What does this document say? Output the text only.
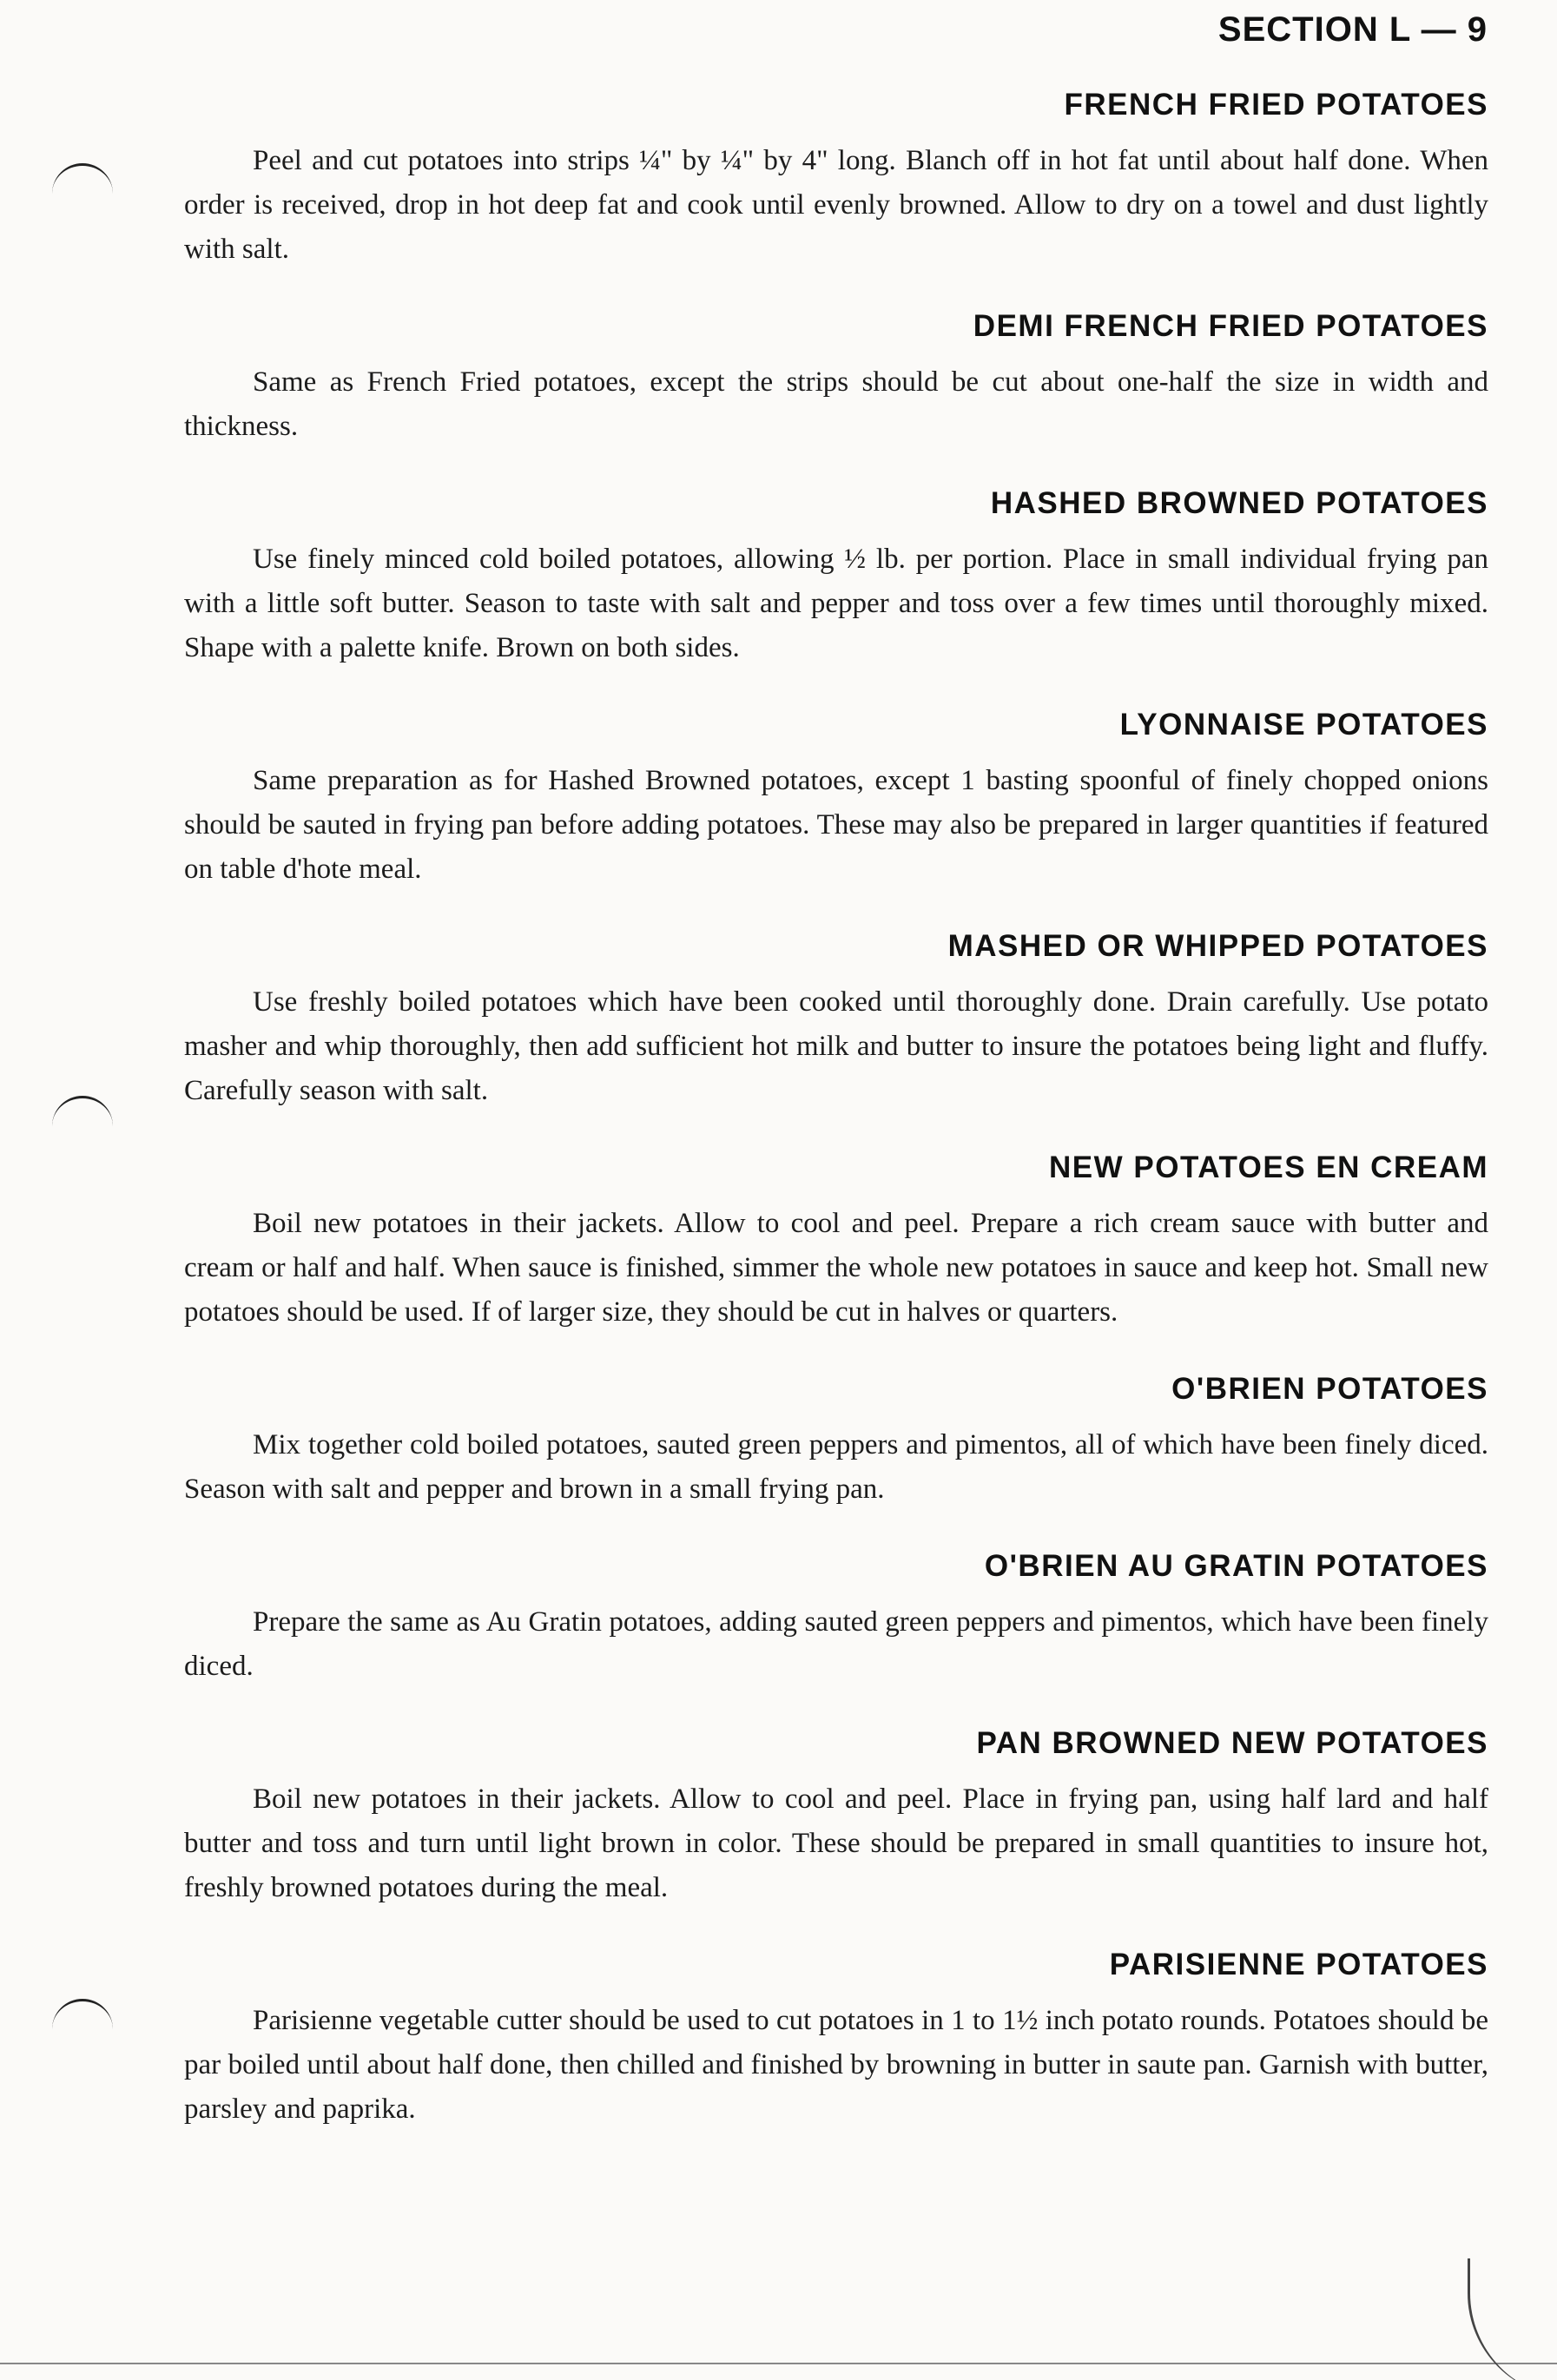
SECTION L — 9
FRENCH FRIED POTATOES

Peel and cut potatoes into strips ¼" by ¼" by 4" long. Blanch off in hot fat until about half done. When order is received, drop in hot deep fat and cook until evenly browned. Allow to dry on a towel and dust lightly with salt.

DEMI FRENCH FRIED POTATOES

Same as French Fried potatoes, except the strips should be cut about one-half the size in width and thickness.

HASHED BROWNED POTATOES

Use finely minced cold boiled potatoes, allowing ½ lb. per portion. Place in small individual frying pan with a little soft butter. Season to taste with salt and pepper and toss over a few times until thoroughly mixed. Shape with a palette knife. Brown on both sides.

LYONNAISE POTATOES

Same preparation as for Hashed Browned potatoes, except 1 basting spoonful of finely chopped onions should be sauted in frying pan before adding potatoes. These may also be prepared in larger quantities if featured on table d'hote meal.

MASHED OR WHIPPED POTATOES

Use freshly boiled potatoes which have been cooked until thoroughly done. Drain carefully. Use potato masher and whip thoroughly, then add sufficient hot milk and butter to insure the potatoes being light and fluffy. Carefully season with salt.

NEW POTATOES EN CREAM

Boil new potatoes in their jackets. Allow to cool and peel. Prepare a rich cream sauce with butter and cream or half and half. When sauce is finished, simmer the whole new potatoes in sauce and keep hot. Small new potatoes should be used. If of larger size, they should be cut in halves or quarters.

O'BRIEN POTATOES

Mix together cold boiled potatoes, sauted green peppers and pimentos, all of which have been finely diced. Season with salt and pepper and brown in a small frying pan.

O'BRIEN AU GRATIN POTATOES

Prepare the same as Au Gratin potatoes, adding sauted green peppers and pimentos, which have been finely diced.

PAN BROWNED NEW POTATOES

Boil new potatoes in their jackets. Allow to cool and peel. Place in frying pan, using half lard and half butter and toss and turn until light brown in color. These should be prepared in small quantities to insure hot, freshly browned potatoes during the meal.

PARISIENNE POTATOES

Parisienne vegetable cutter should be used to cut potatoes in 1 to 1½ inch potato rounds. Potatoes should be par boiled until about half done, then chilled and finished by browning in butter in saute pan. Garnish with butter, parsley and paprika.
